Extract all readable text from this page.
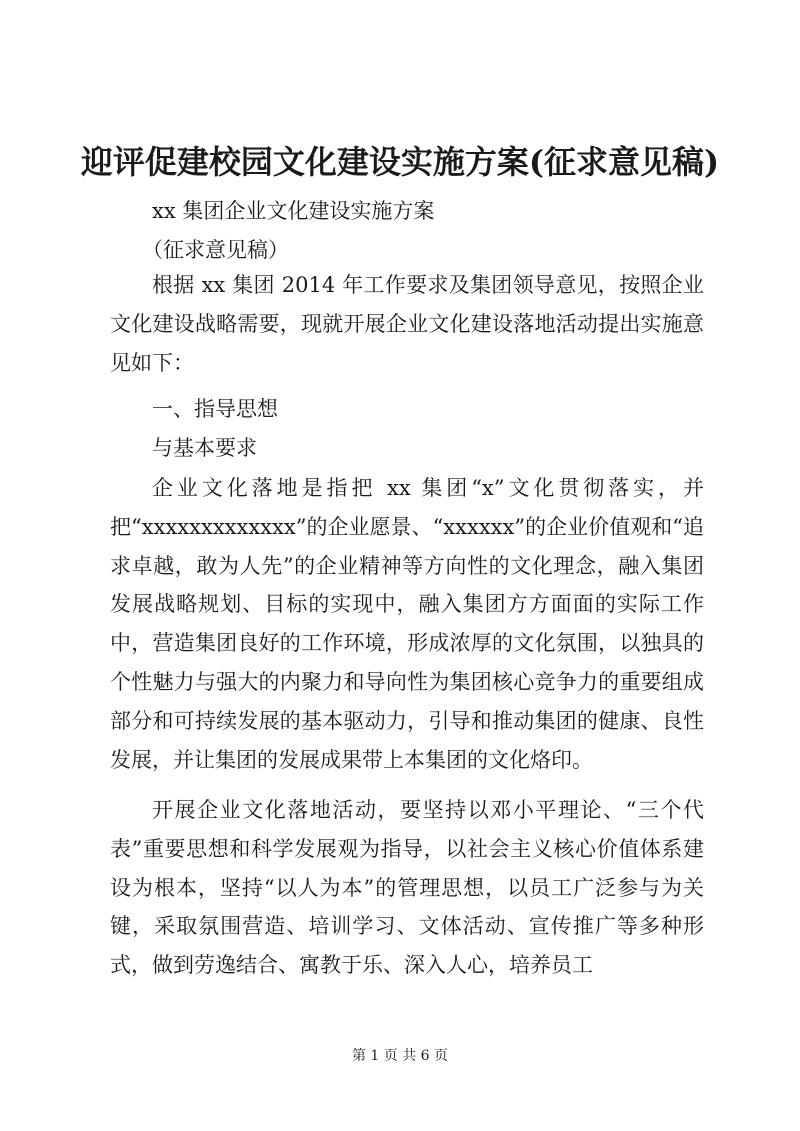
迎评促建校园文化建设实施方案(征求意见稿)
xx 集团企业文化建设实施方案
（征求意见稿）

根据 xx 集团 2014 年工作要求及集团领导意见，按照企业文化建设战略需要，现就开展企业文化建设落地活动提出实施意见如下：

一、指导思想
与基本要求

企业文化落地是指把 xx 集团“x”文化贯彻落实，并把“xxxxxxxxxxxxx”的企业愿景、“xxxxxx”的企业价值观和“追求卓越，敢为人先”的企业精神等方向性的文化理念，融入集团发展战略规划、目标的实现中，融入集团方方面面的实际工作中，营造集团良好的工作环境，形成浓厚的文化氛围，以独具的个性魅力与强大的内聚力和导向性为集团核心竞争力的重要组成部分和可持续发展的基本驱动力，引导和推动集团的健康、良性发展，并让集团的发展成果带上本集团的文化烙印。

开展企业文化落地活动，要坚持以邓小平理论、“三个代表”重要思想和科学发展观为指导，以社会主义核心价值体系建设为根本，坚持“以人为本”的管理思想，以员工广泛参与为关键，采取氛围营造、培训学习、文体活动、宣传推广等多种形式，做到劳逸结合、寓教于乐、深入人心，培养员工

第 1 页 共 6 页
